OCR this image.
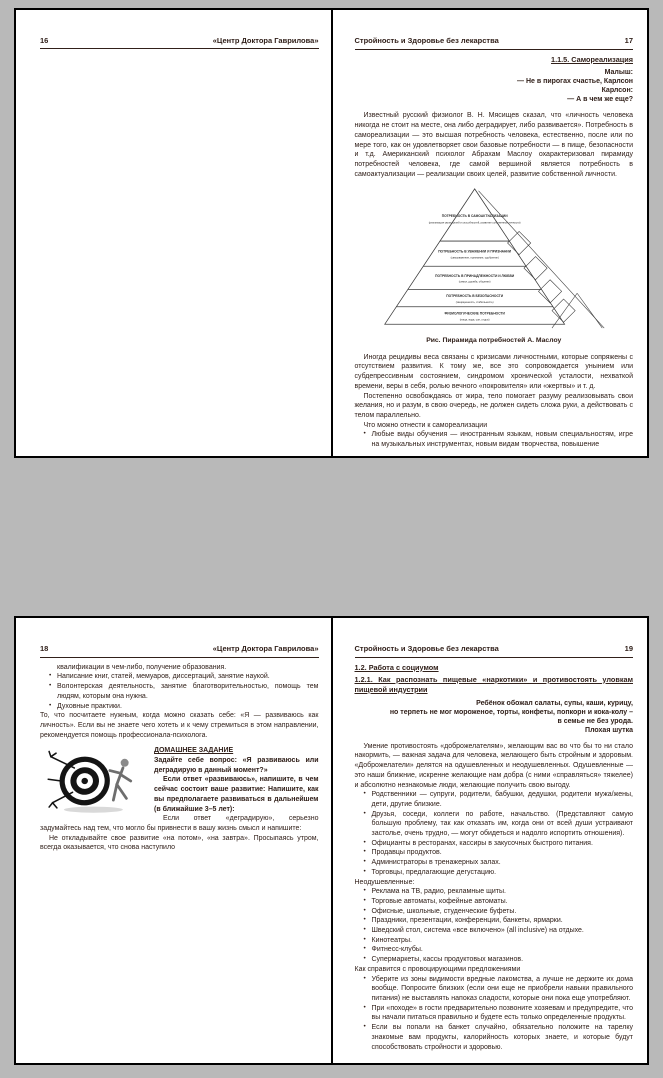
16	«Центр Доктора Гаврилова»	Стройность и Здоровье без лекарства	17
1.1.5. Самореализация
Малыш:
— Не в пирогах счастье, Карлсон
Карлсон:
— А в чем же еще?

Известный русский физиолог В. Н. Мясищев сказал, что «личность человека никогда не стоит на месте, она либо деградирует, либо развивается». Потребность в самореализации — это высшая потребность человека, естественно, после или по мере того, как он удовлетворяет свои базовые потребности — в пище, безопасности и т.д. Американский психолог Абрахам Маслоу охарактеризовал пирамиду потребностей человека, где самой вершиной является потребность в самоактуализации — реализации своих целей, развитие собственной личности.

ПОТРЕБНОСТЬ В САМОАКТУАЛИЗАЦИИ
(реализация своих целей и способностей, развитие собственной личности)
ПОТРЕБНОСТЬ В УВАЖЕНИИ И ПРИЗНАНИИ
(самоуважение, признание, одобрение)
ПОТРЕБНОСТЬ В ПРИНАДЛЕЖНОСТИ И ЛЮБВИ
(семья, дружба, общение)
ПОТРЕБНОСТЬ В БЕЗОПАСНОСТИ
(защищенность, стабильность)
ФИЗИОЛОГИЧЕСКИЕ ПОТРЕБНОСТИ
(пища, вода, сон, отдых)
Рис. Пирамида потребностей А. Маслоу

Иногда рецидивы веса связаны с кризисами личностными, которые сопряжены с отсутствием развития. К тому же, все это сопровождается унынием или субдепрессивным состоянием, синдромом хронической усталости, нехваткой времени, веры в себя, ролью вечного «покровителя» или «жертвы» и т. д.

Постепенно освобождаясь от жира, тело помогает разуму реализовывать свои желания, но и разум, в свою очередь, не должен сидеть сложа руки, а действовать с телом параллельно.

Что можно отнести к самореализации

• Любые виды обучения — иностранным языкам, новым специальностям, игре на музыкальных инструментах, новым видам творчества, повышение
18	«Центр Доктора Гаврилова»
квалификации в чем-либо, получение образования.
• Написание книг, статей, мемуаров, диссертаций, занятие наукой.
• Волонтерская деятельность, занятие благотворительностью, помощь тем людям, которым она нужна.
• Духовные практики.

То, что посчитаете нужным, когда можно сказать себе: «Я — развиваюсь как личность». Если вы не знаете чего хотеть и к чему стремиться в этом направлении, рекомендуется помощь профессионала-психолога.

ДОМАШНЕЕ ЗАДАНИЕ
Задайте себе вопрос: «Я развиваюсь или деградирую в данный момент?»
Если ответ «развиваюсь», напишите, в чем сейчас состоит ваше развитие: Напишите, как вы предполагаете развиваться в дальнейшем (в ближайшие 3–5 лет):

Если ответ «деградирую», серьезно задумайтесь над тем, что могло бы привнести в вашу жизнь смысл и напишите:

Не откладывайте свое развитие «на потом», «на завтра». Просыпаясь утром, всегда оказывается, что снова наступило

Стройность и Здоровье без лекарства	19
1.2. Работа с социумом
1.2.1. Как распознать пищевые «наркотики» и противостоять уловкам пищевой индустрии
Ребёнок обожал салаты, супы, каши, курицу,
но терпеть не мог мороженое, торты, конфеты, попкорн и кока-колу –
в семье не без урода.
Плохая шутка

Умение противостоять «доброжелателям», желающим вас во что бы то ни стало накормить, — важная задача для человека, желающего быть стройным и здоровым. «Доброжелатели» делятся на одушевленных и неодушевленных. Одушевленные — это наши ближние, искренне желающие нам добра (с ними «справляться» тяжелее) и абсолютно незнакомые люди, желающие получить свою выгоду.

• Родственники — супруги, родители, бабушки, дедушки, родители мужа/жены, дети, другие близкие.
• Друзья, соседи, коллеги по работе, начальство. (Представляют самую большую проблему, так как отказать им, когда они от всей души устраивают застолье, очень трудно, — могут обидеться и надолго испортить отношения).
• Официанты в ресторанах, кассиры в закусочных быстрого питания.
• Продавцы продуктов.
• Администраторы в тренажерных залах.
• Торговцы, предлагающие дегустацию.
Неодушевленные:
• Реклама на ТВ, радио, рекламные щиты.
• Торговые автоматы, кофейные автоматы.
• Офисные, школьные, студенческие буфеты.
• Праздники, презентации, конференции, банкеты, ярмарки.
• Шведский стол, система «все включено» (all inclusive) на отдыхе.
• Кинотеатры.
• Фитнесс-клубы.
• Супермаркеты, кассы продуктовых магазинов.
Как справится с провоцирующими предложениями
• Уберите из зоны видимости вредные лакомства, а лучше не держите их дома вообще. Попросите близких (если они еще не приобрели навыки правильного питания) не выставлять напоказ сладости, которые они пока еще употребляют.
• При «походе» в гости предварительно позвоните хозяевам и предупредите, что вы начали питаться правильно и будете есть только определенные продукты.
• Если вы попали на банкет случайно, обязательно положите на тарелку знакомые вам продукты, калорийность которых знаете, и которые будут способствовать стройности и здоровью.
